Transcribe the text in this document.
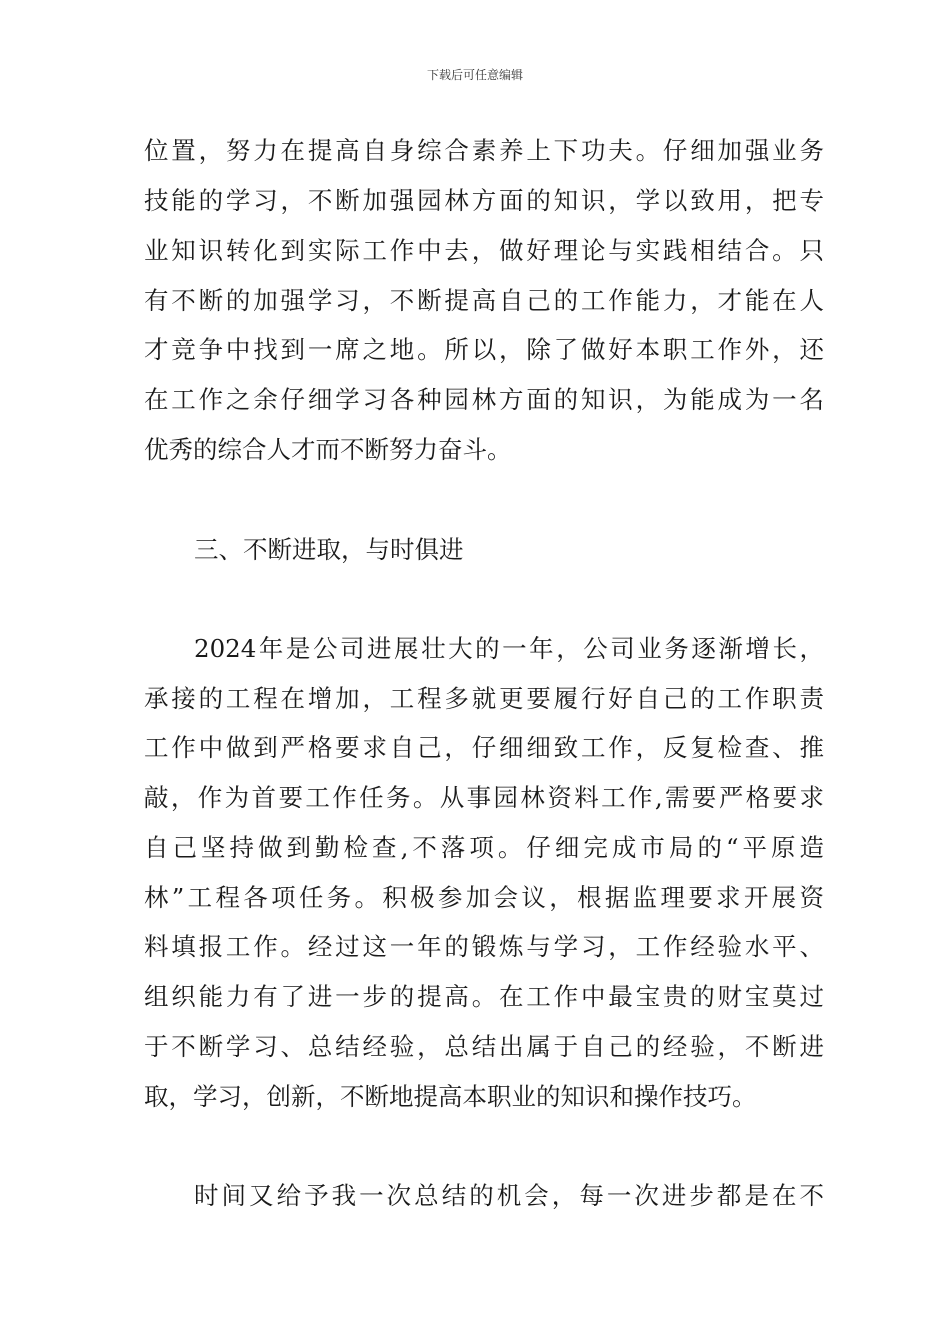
下载后可任意编辑
位置，努力在提高自身综合素养上下功夫。仔细加强业务
技能的学习，不断加强园林方面的知识，学以致用，把专
业知识转化到实际工作中去，做好理论与实践相结合。只
有不断的加强学习，不断提高自己的工作能力，才能在人
才竞争中找到一席之地。所以，除了做好本职工作外，还
在工作之余仔细学习各种园林方面的知识，为能成为一名
优秀的综合人才而不断努力奋斗。
三、不断进取，与时俱进
2024年是公司进展壮大的一年，公司业务逐渐增长，
承接的工程在增加，工程多就更要履行好自己的工作职责
工作中做到严格要求自己，仔细细致工作，反复检查、推
敲，作为首要工作任务。从事园林资料工作,需要严格要求
自己坚持做到勤检查,不落项。仔细完成市局的“平原造
林”工程各项任务。积极参加会议，根据监理要求开展资
料填报工作。经过这一年的锻炼与学习，工作经验水平、
组织能力有了进一步的提高。在工作中最宝贵的财宝莫过
于不断学习、总结经验，总结出属于自己的经验，不断进
取，学习，创新，不断地提高本职业的知识和操作技巧。
时间又给予我一次总结的机会，每一次进步都是在不
